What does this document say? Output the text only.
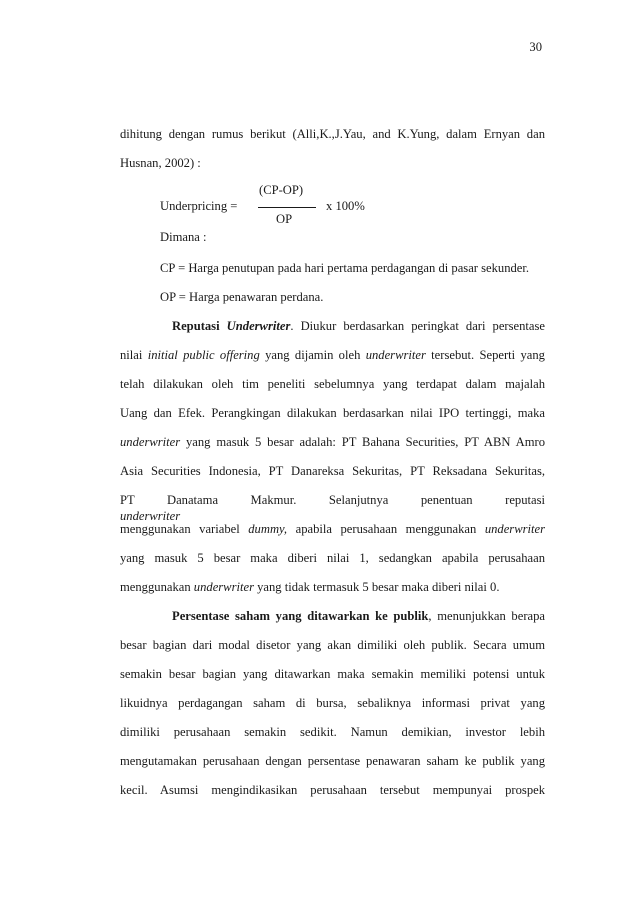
30
dihitung dengan rumus berikut (Alli,K.,J.Yau, and K.Yung, dalam Ernyan dan
Husnan, 2002) :
Underpricing =
(CP-OP)
OP
x 100%
Dimana :
CP = Harga penutupan pada hari pertama perdagangan di pasar sekunder.
OP = Harga penawaran perdana.
Reputasi Underwriter. Diukur berdasarkan peringkat dari persentase
nilai initial public offering yang dijamin oleh underwriter tersebut. Seperti yang
telah dilakukan oleh tim peneliti sebelumnya yang terdapat dalam majalah
Uang dan Efek. Perangkingan dilakukan berdasarkan nilai IPO tertinggi, maka
underwriter yang masuk 5 besar adalah: PT Bahana Securities, PT ABN Amro
Asia Securities Indonesia, PT Danareksa Sekuritas, PT Reksadana Sekuritas,
PT Danatama Makmur. Selanjutnya penentuan reputasi underwriter
menggunakan variabel dummy, apabila perusahaan menggunakan underwriter
yang masuk 5 besar maka diberi nilai 1, sedangkan apabila perusahaan
menggunakan underwriter yang tidak termasuk 5 besar maka diberi nilai 0.
Persentase saham yang ditawarkan ke publik, menunjukkan berapa
besar bagian dari modal disetor yang akan dimiliki oleh publik. Secara umum
semakin besar bagian yang ditawarkan maka semakin memiliki potensi untuk
likuidnya perdagangan saham di bursa, sebaliknya informasi privat yang
dimiliki perusahaan semakin sedikit. Namun demikian, investor lebih
mengutamakan perusahaan dengan persentase penawaran saham ke publik yang
kecil. Asumsi mengindikasikan perusahaan tersebut mempunyai prospek
